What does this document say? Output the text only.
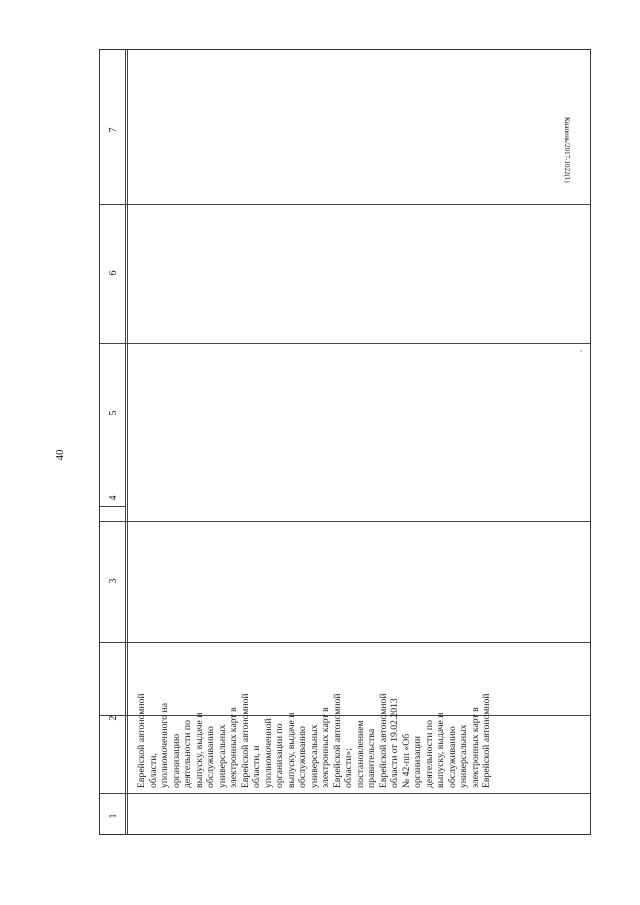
40
7
6
5
4
3
2
1
Еврейской автономной
области,
уполномоченного на
организацию
деятельности по
выпуску, выдаче и
обслуживанию
универсальных
электронных карт в
Еврейской автономной
области, и
уполномоченной
организации по
выпуску, выдаче и
обслуживанию
универсальных
электронных карт в
Еврейской автономной
области»;
постановлением
правительства
Еврейской автономной
области от 19.02.2013
№ 42-пп «Об
организации
деятельности по
выпуску, выдаче и
обслуживанию
универсальных
электронных карт в
Еврейской автономной
Кнапень/2017-1022(1)
